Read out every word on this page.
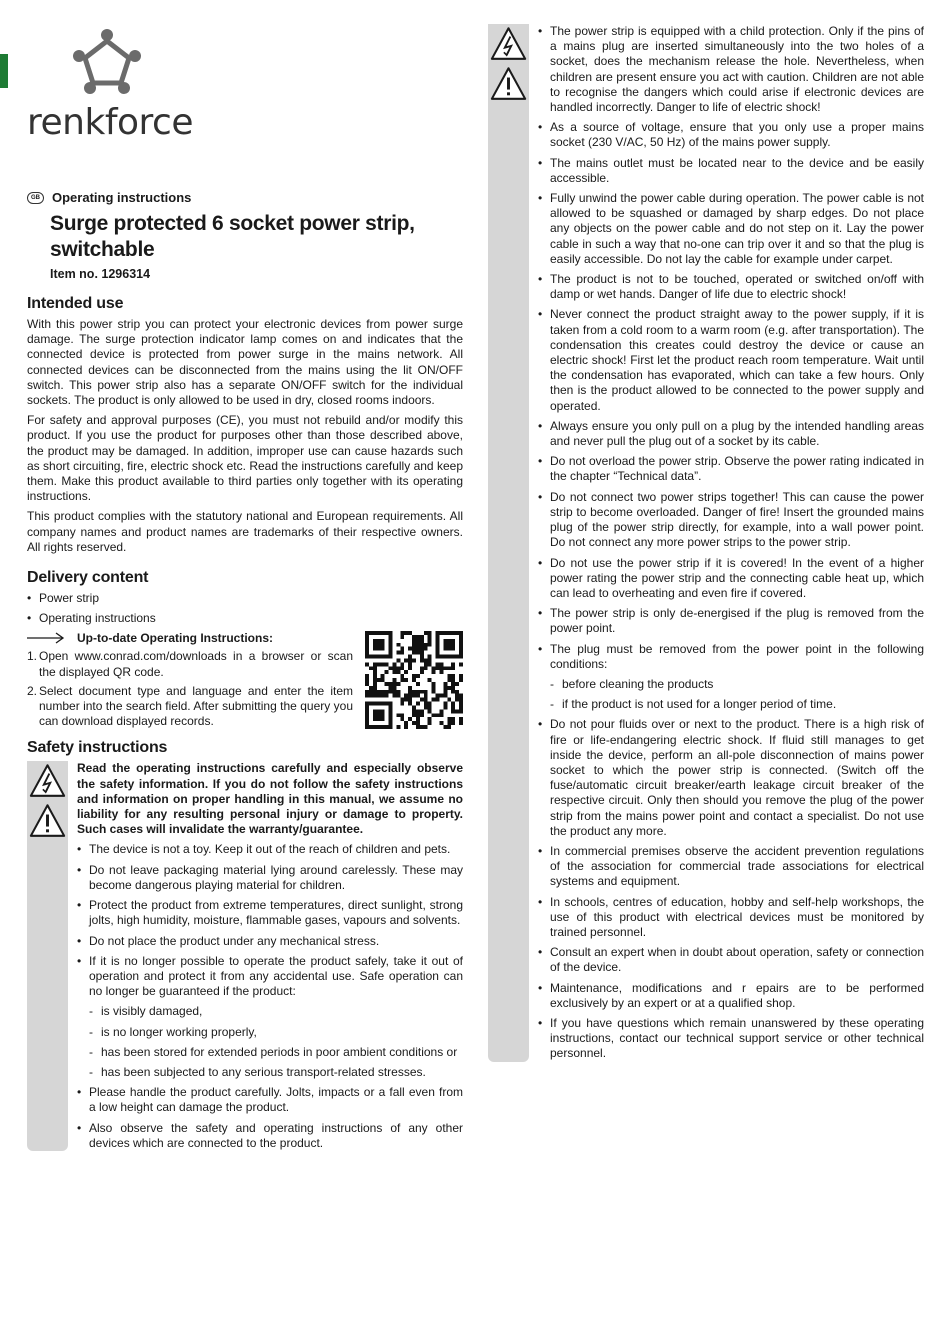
renkforce
GB Operating instructions
Surge protected 6 socket power strip, switchable
Item no. 1296314
Intended use

With this power strip you can protect your electronic devices from power surge damage. The surge protection indicator lamp comes on and indicates that the connected device is protected from power surge in the mains network. All connected devices can be disconnected from the mains using the lit ON/OFF switch. This power strip also has a separate ON/OFF switch for the individual sockets. The product is only allowed to be used in dry, closed rooms indoors.

For safety and approval purposes (CE), you must not rebuild and/or modify this product. If you use the product for purposes other than those described above, the product may be damaged. In addition, improper use can cause hazards such as short circuiting, fire, electric shock etc. Read the instructions carefully and keep them. Make this product available to third parties only together with its operating instructions.

This product complies with the statutory national and European requirements. All company names and product names are trademarks of their respective owners. All rights reserved.

Delivery content
• Power strip
• Operating instructions
Up-to-date Operating Instructions:
1. Open www.conrad.com/downloads in a browser or scan the displayed QR code.
2. Select document type and language and enter the item number into the search field. After submitting the query you can download displayed records.
Safety instructions

Read the operating instructions carefully and especially observe the safety information. If you do not follow the safety instructions and information on proper handling in this manual, we assume no liability for any resulting personal injury or damage to property. Such cases will invalidate the warranty/guarantee.

• The device is not a toy. Keep it out of the reach of children and pets.
• Do not leave packaging material lying around carelessly. These may become dangerous playing material for children.
• Protect the product from extreme temperatures, direct sunlight, strong jolts, high humidity, moisture, flammable gases, vapours and solvents.
• Do not place the product under any mechanical stress.
• If it is no longer possible to operate the product safely, take it out of operation and protect it from any accidental use. Safe operation can no longer be guaranteed if the product:
- is visibly damaged,
- is no longer working properly,
- has been stored for extended periods in poor ambient conditions or
- has been subjected to any serious transport-related stresses.
• Please handle the product carefully. Jolts, impacts or a fall even from a low height can damage the product.
• Also observe the safety and operating instructions of any other devices which are connected to the product.
• The power strip is equipped with a child protection. Only if the pins of a mains plug are inserted simultaneously into the two holes of a socket, does the mechanism release the hole. Nevertheless, when children are present ensure you act with caution. Children are not able to recognise the dangers which could arise if electronic devices are handled incorrectly. Danger to life of electric shock!
• As a source of voltage, ensure that you only use a proper mains socket (230 V/AC, 50 Hz) of the mains power supply.
• The mains outlet must be located near to the device and be easily accessible.
• Fully unwind the power cable during operation. The power cable is not allowed to be squashed or damaged by sharp edges. Do not place any objects on the power cable and do not step on it. Lay the power cable in such a way that no-one can trip over it and so that the plug is easily accessible. Do not lay the cable for example under carpet.
• The product is not to be touched, operated or switched on/off with damp or wet hands. Danger of life due to electric shock!
• Never connect the product straight away to the power supply, if it is taken from a cold room to a warm room (e.g. after transportation). The condensation this creates could destroy the device or cause an electric shock! First let the product reach room temperature. Wait until the condensation has evaporated, which can take a few hours. Only then is the product allowed to be connected to the power supply and operated.
• Always ensure you only pull on a plug by the intended handling areas and never pull the plug out of a socket by its cable.
• Do not overload the power strip. Observe the power rating indicated in the chapter “Technical data”.
• Do not connect two power strips together! This can cause the power strip to become overloaded. Danger of fire! Insert the grounded mains plug of the power strip directly, for example, into a wall power point. Do not connect any more power strips to the power strip.
• Do not use the power strip if it is covered! In the event of a higher power rating the power strip and the connecting cable heat up, which can lead to overheating and even fire if covered.
• The power strip is only de-energised if the plug is removed from the power point.
• The plug must be removed from the power point in the following conditions:
- before cleaning the products
- if the product is not used for a longer period of time.
• Do not pour fluids over or next to the product. There is a high risk of fire or life-endangering electric shock. If fluid still manages to get inside the device, perform an all-pole disconnection of mains power socket to which the power strip is connected. (Switch off the fuse/automatic circuit breaker/earth leakage circuit breaker of the respective circuit. Only then should you remove the plug of the power strip from the mains power point and contact a specialist. Do not use the product any more.
• In commercial premises observe the accident prevention regulations of the association for commercial trade associations for electrical systems and equipment.
• In schools, centres of education, hobby and self-help workshops, the use of this product with electrical devices must be monitored by trained personnel.
• Consult an expert when in doubt about operation, safety or connection of the device.
• Maintenance, modifications and r epairs are to be performed exclusively by an expert or at a qualified shop.
• If you have questions which remain unanswered by these operating instructions, contact our technical support service or other technical personnel.
